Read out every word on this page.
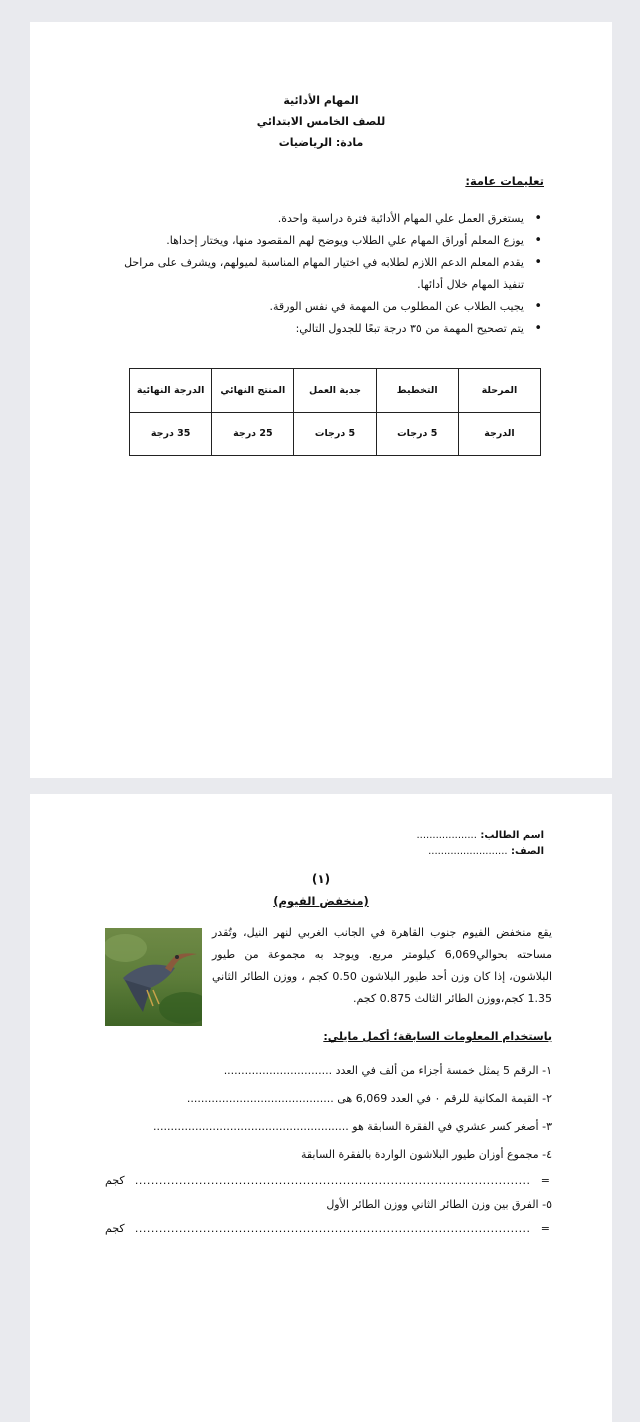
المهام الأدائية
للصف الخامس الابتدائي
مادة: الرياضيات
تعليمات عامة:
• يستغرق العمل علي المهام الأدائية فترة دراسية واحدة.
• يوزع المعلم أوراق المهام علي الطلاب ويوضح لهم المقصود منها، ويختار إحداها.
• يقدم المعلم الدعم اللازم لطلابه في اختيار المهام المناسبة لميولهم، ويشرف على مراحل
تنفيذ المهام خلال أدائها.
• يجيب الطلاب عن المطلوب من المهمة في نفس الورقة.
• يتم تصحيح المهمة من ٣٥ درجة تبعًا للجدول التالي:
المرحلة	التخطيط	جدية العمل	المنتج النهائي	الدرجة النهائية
الدرجة	5 درجات	5 درجات	25 درجة	35 درجة
اسم الطالب: ...................
الصف: .........................
(١)
(منخفض الفيوم)
يقع منخفض الفيوم جنوب القاهرة في الجانب الغربي لنهر النيل، وتُقدر مساحته بحوالي6,069 كيلومتر مربع. ويوجد به مجموعة من طيور البلاشون، إذا كان وزن أحد طيور البلاشون 0.50 كجم ، ووزن الطائر الثاني 1.35 كجم،ووزن الطائر الثالث 0.875 كجم.
باستخدام المعلومات السابقة؛ أكمل مايلي:
١- الرقم 5 يمثل خمسة أجزاء من ألف في العدد ...............................
٢- القيمة المكانية للرقم ٠ في العدد 6,069 هى ..........................................
٣- أصغر كسر عشري في الفقرة السابقة هو ........................................................
٤- مجموع أوزان طيور البلاشون الواردة بالفقرة السابقة
=
...................................................................................................
كجم
٥- الفرق بين وزن الطائر الثاني ووزن الطائر الأول
=
...................................................................................................
كجم
